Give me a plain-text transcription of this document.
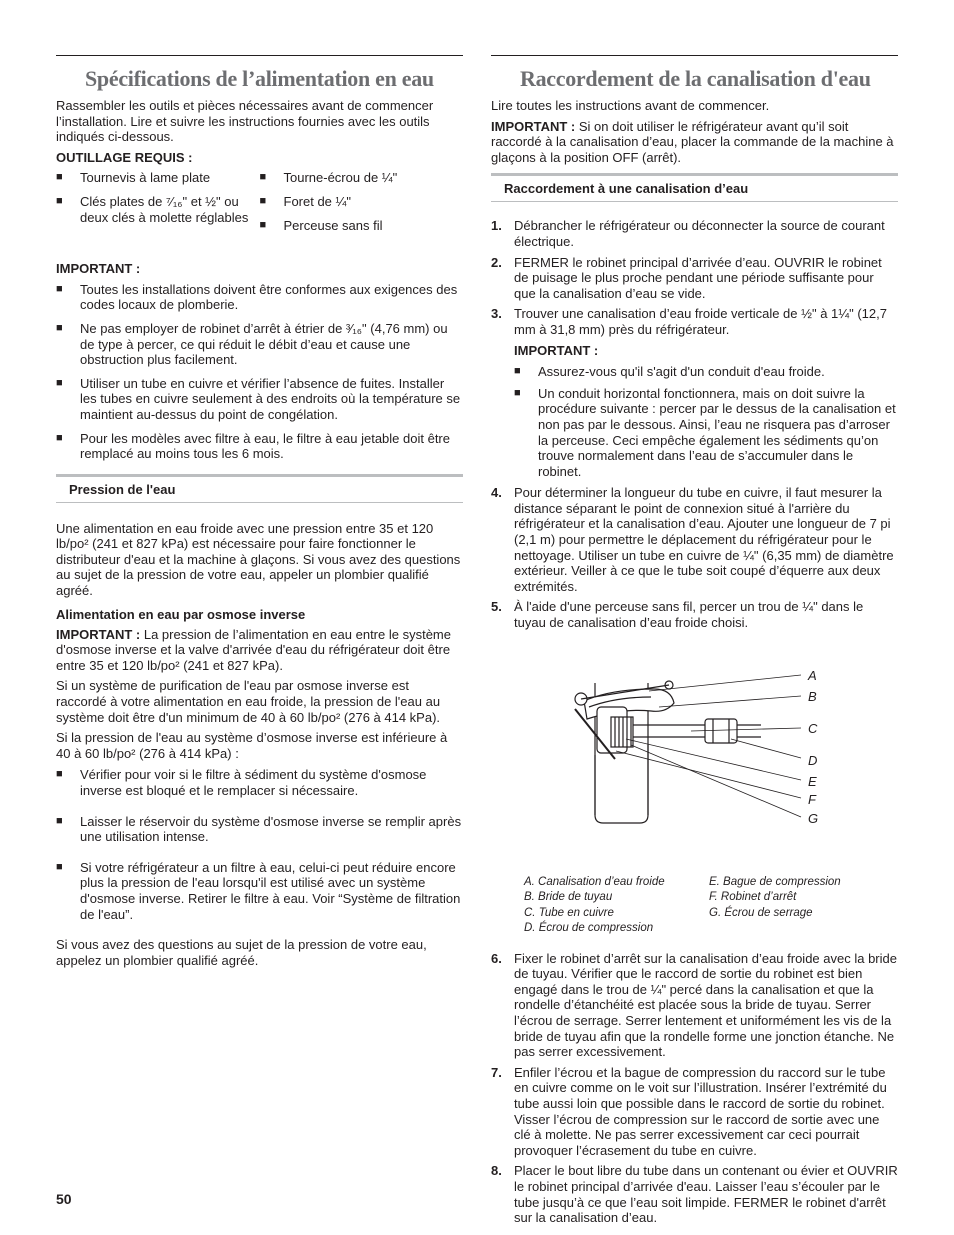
Spécifications de l’alimentation en eau

Rassembler les outils et pièces nécessaires avant de commencer l’installation. Lire et suivre les instructions fournies avec les outils indiqués ci-dessous.

OUTILLAGE REQUIS :

■ Tournevis à lame plate
■ Clés plates de ⁷⁄₁₆" et ½" ou deux clés à molette réglables
■ Tourne-écrou de ¼"
■ Foret de ¼"
■ Perceuse sans fil

IMPORTANT :

■ Toutes les installations doivent être conformes aux exigences des codes locaux de plomberie.
■ Ne pas employer de robinet d’arrêt à étrier de ³⁄₁₆" (4,76 mm) ou de type à percer, ce qui réduit le débit d’eau et cause une obstruction plus facilement.
■ Utiliser un tube en cuivre et vérifier l’absence de fuites. Installer les tubes en cuivre seulement à des endroits où la température se maintient au-dessus du point de congélation.
■ Pour les modèles avec filtre à eau, le filtre à eau jetable doit être remplacé au moins tous les 6 mois.
Pression de l'eau

Une alimentation en eau froide avec une pression entre 35 et 120 lb/po² (241 et 827 kPa) est nécessaire pour faire fonctionner le distributeur d'eau et la machine à glaçons. Si vous avez des questions au sujet de la pression de votre eau, appeler un plombier qualifié agréé.

Alimentation en eau par osmose inverse

IMPORTANT : La pression de l’alimentation en eau entre le système d'osmose inverse et la valve d'arrivée d'eau du réfrigérateur doit être entre 35 et 120 lb/po² (241 et 827 kPa).

Si un système de purification de l'eau par osmose inverse est raccordé à votre alimentation en eau froide, la pression de l'eau au système doit être d'un minimum de 40 à 60 lb/po² (276 à 414 kPa).

Si la pression de l'eau au système d’osmose inverse est inférieure à 40 à 60 lb/po² (276 à 414 kPa) :

■ Vérifier pour voir si le filtre à sédiment du système d'osmose inverse est bloqué et le remplacer si nécessaire.
■ Laisser le réservoir du système d'osmose inverse se remplir après une utilisation intense.
■ Si votre réfrigérateur a un filtre à eau, celui-ci peut réduire encore plus la pression de l'eau lorsqu'il est utilisé avec un système d'osmose inverse. Retirer le filtre à eau. Voir “Système de filtration de l'eau”.

Si vous avez des questions au sujet de la pression de votre eau, appelez un plombier qualifié agréé.

Raccordement de la canalisation d'eau

Lire toutes les instructions avant de commencer.

IMPORTANT : Si on doit utiliser le réfrigérateur avant qu’il soit raccordé à la canalisation d’eau, placer la commande de la machine à glaçons à la position OFF (arrêt).

Raccordement à une canalisation d’eau
1. Débrancher le réfrigérateur ou déconnecter la source de courant électrique.
2. FERMER le robinet principal d’arrivée d’eau. OUVRIR le robinet de puisage le plus proche pendant une période suffisante pour que la canalisation d’eau se vide.
3. Trouver une canalisation d’eau froide verticale de ½" à 1¼" (12,7 mm à 31,8 mm) près du réfrigérateur.
IMPORTANT :
■ Assurez-vous qu'il s'agit d'un conduit d'eau froide.
■ Un conduit horizontal fonctionnera, mais on doit suivre la procédure suivante : percer par le dessus de la canalisation et non pas par le dessous. Ainsi, l’eau ne risquera pas d’arroser la perceuse. Ceci empêche également les sédiments qu’on trouve normalement dans l’eau de s’accumuler dans le robinet.
4. Pour déterminer la longueur du tube en cuivre, il faut mesurer la distance séparant le point de connexion situé à l'arrière du réfrigérateur et la canalisation d’eau. Ajouter une longueur de 7 pi (2,1 m) pour permettre le déplacement du réfrigérateur pour le nettoyage. Utiliser un tube en cuivre de ¼" (6,35 mm) de diamètre extérieur. Veiller à ce que le tube soit coupé d’équerre aux deux extrémités.
5. À l'aide d'une perceuse sans fil, percer un trou de ¼" dans le tuyau de canalisation d’eau froide choisi.
A
B
C
D
E
F
G
A. Canalisation d’eau froide
B. Bride de tuyau
C. Tube en cuivre
D. Écrou de compression
E. Bague de compression
F. Robinet d’arrêt
G. Écrou de serrage
6. Fixer le robinet d’arrêt sur la canalisation d’eau froide avec la bride de tuyau. Vérifier que le raccord de sortie du robinet est bien engagé dans le trou de ¼" percé dans la canalisation et que la rondelle d’étanchéité est placée sous la bride de tuyau. Serrer l’écrou de serrage. Serrer lentement et uniformément les vis de la bride de tuyau afin que la rondelle forme une jonction étanche. Ne pas serrer excessivement.
7. Enfiler l’écrou et la bague de compression du raccord sur le tube en cuivre comme on le voit sur l’illustration. Insérer l’extrémité du tube aussi loin que possible dans le raccord de sortie du robinet. Visser l’écrou de compression sur le raccord de sortie avec une clé à molette. Ne pas serrer excessivement car ceci pourrait provoquer l’écrasement du tube en cuivre.
8. Placer le bout libre du tube dans un contenant ou évier et OUVRIR le robinet principal d’arrivée d'eau. Laisser l’eau s’écouler par le tube jusqu’à ce que l’eau soit limpide. FERMER le robinet d'arrêt sur la canalisation d’eau.
50
